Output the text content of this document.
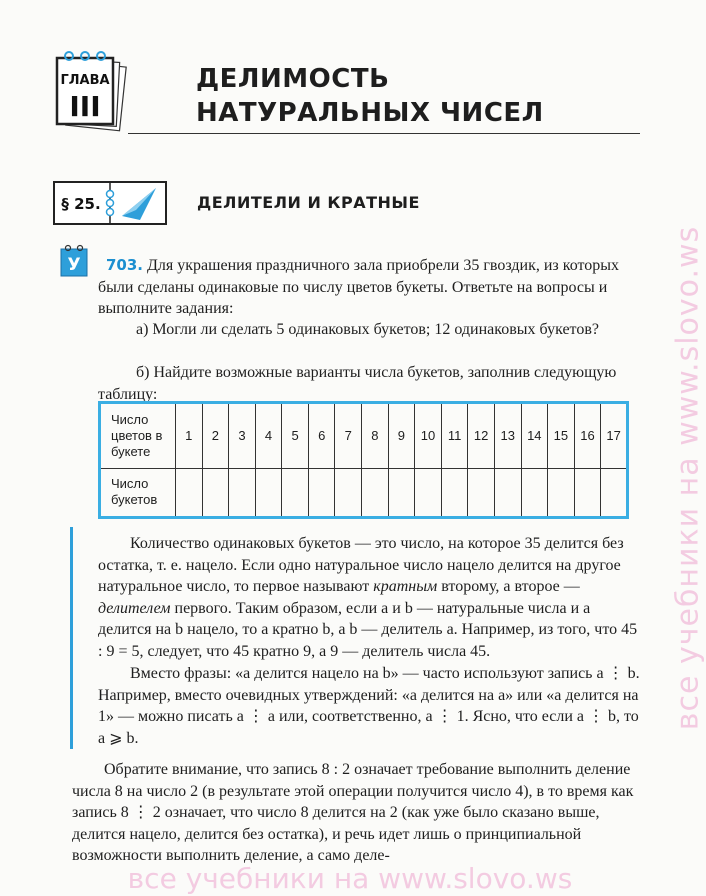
ГЛАВА
III
ДЕЛИМОСТЬ
НАТУРАЛЬНЫХ ЧИСЕЛ
§ 25.	ДЕЛИТЕЛИ И КРАТНЫЕ
У	703. Для украшения праздничного зала приобрели 35 гвоздик, из которых были сделаны одинаковые по числу цветов букеты. Ответьте на вопросы и выполните задания:
а) Могли ли сделать 5 одинаковых букетов; 12 одинаковых букетов?
б) Найдите возможные варианты числа букетов, заполнив следующую таблицу:
Число цветов в букете	1	2	3	4	5	6	7	8	9	10	11	12	13	14	15	16	17
Число букетов																	
Количество одинаковых букетов — это число, на которое 35 делится без остатка, т. е. нацело. Если одно натуральное число нацело делится на другое натуральное число, то первое называют кратным второму, а второе — делителем первого. Таким образом, если a и b — натуральные числа и a делится на b нацело, то a кратно b, а b — делитель a. Например, из того, что 45 : 9 = 5, следует, что 45 кратно 9, а 9 — делитель числа 45.
Вместо фразы: «a делится нацело на b» — часто используют запись a ⋮ b. Например, вместо очевидных утверждений: «a делится на a» или «a делится на 1» — можно писать a ⋮ a или, соответственно, a ⋮ 1. Ясно, что если a ⋮ b, то a ⩾ b.
Обратите внимание, что запись 8 : 2 означает требование выполнить деление числа 8 на число 2 (в результате этой операции получится число 4), в то время как запись 8 ⋮ 2 означает, что число 8 делится на 2 (как уже было сказано выше, делится нацело, делится без остатка), и речь идет лишь о принципиальной возможности выполнить деление, а само деле-
все учебники на www.slovo.ws
все учебники на www.slovo.ws
